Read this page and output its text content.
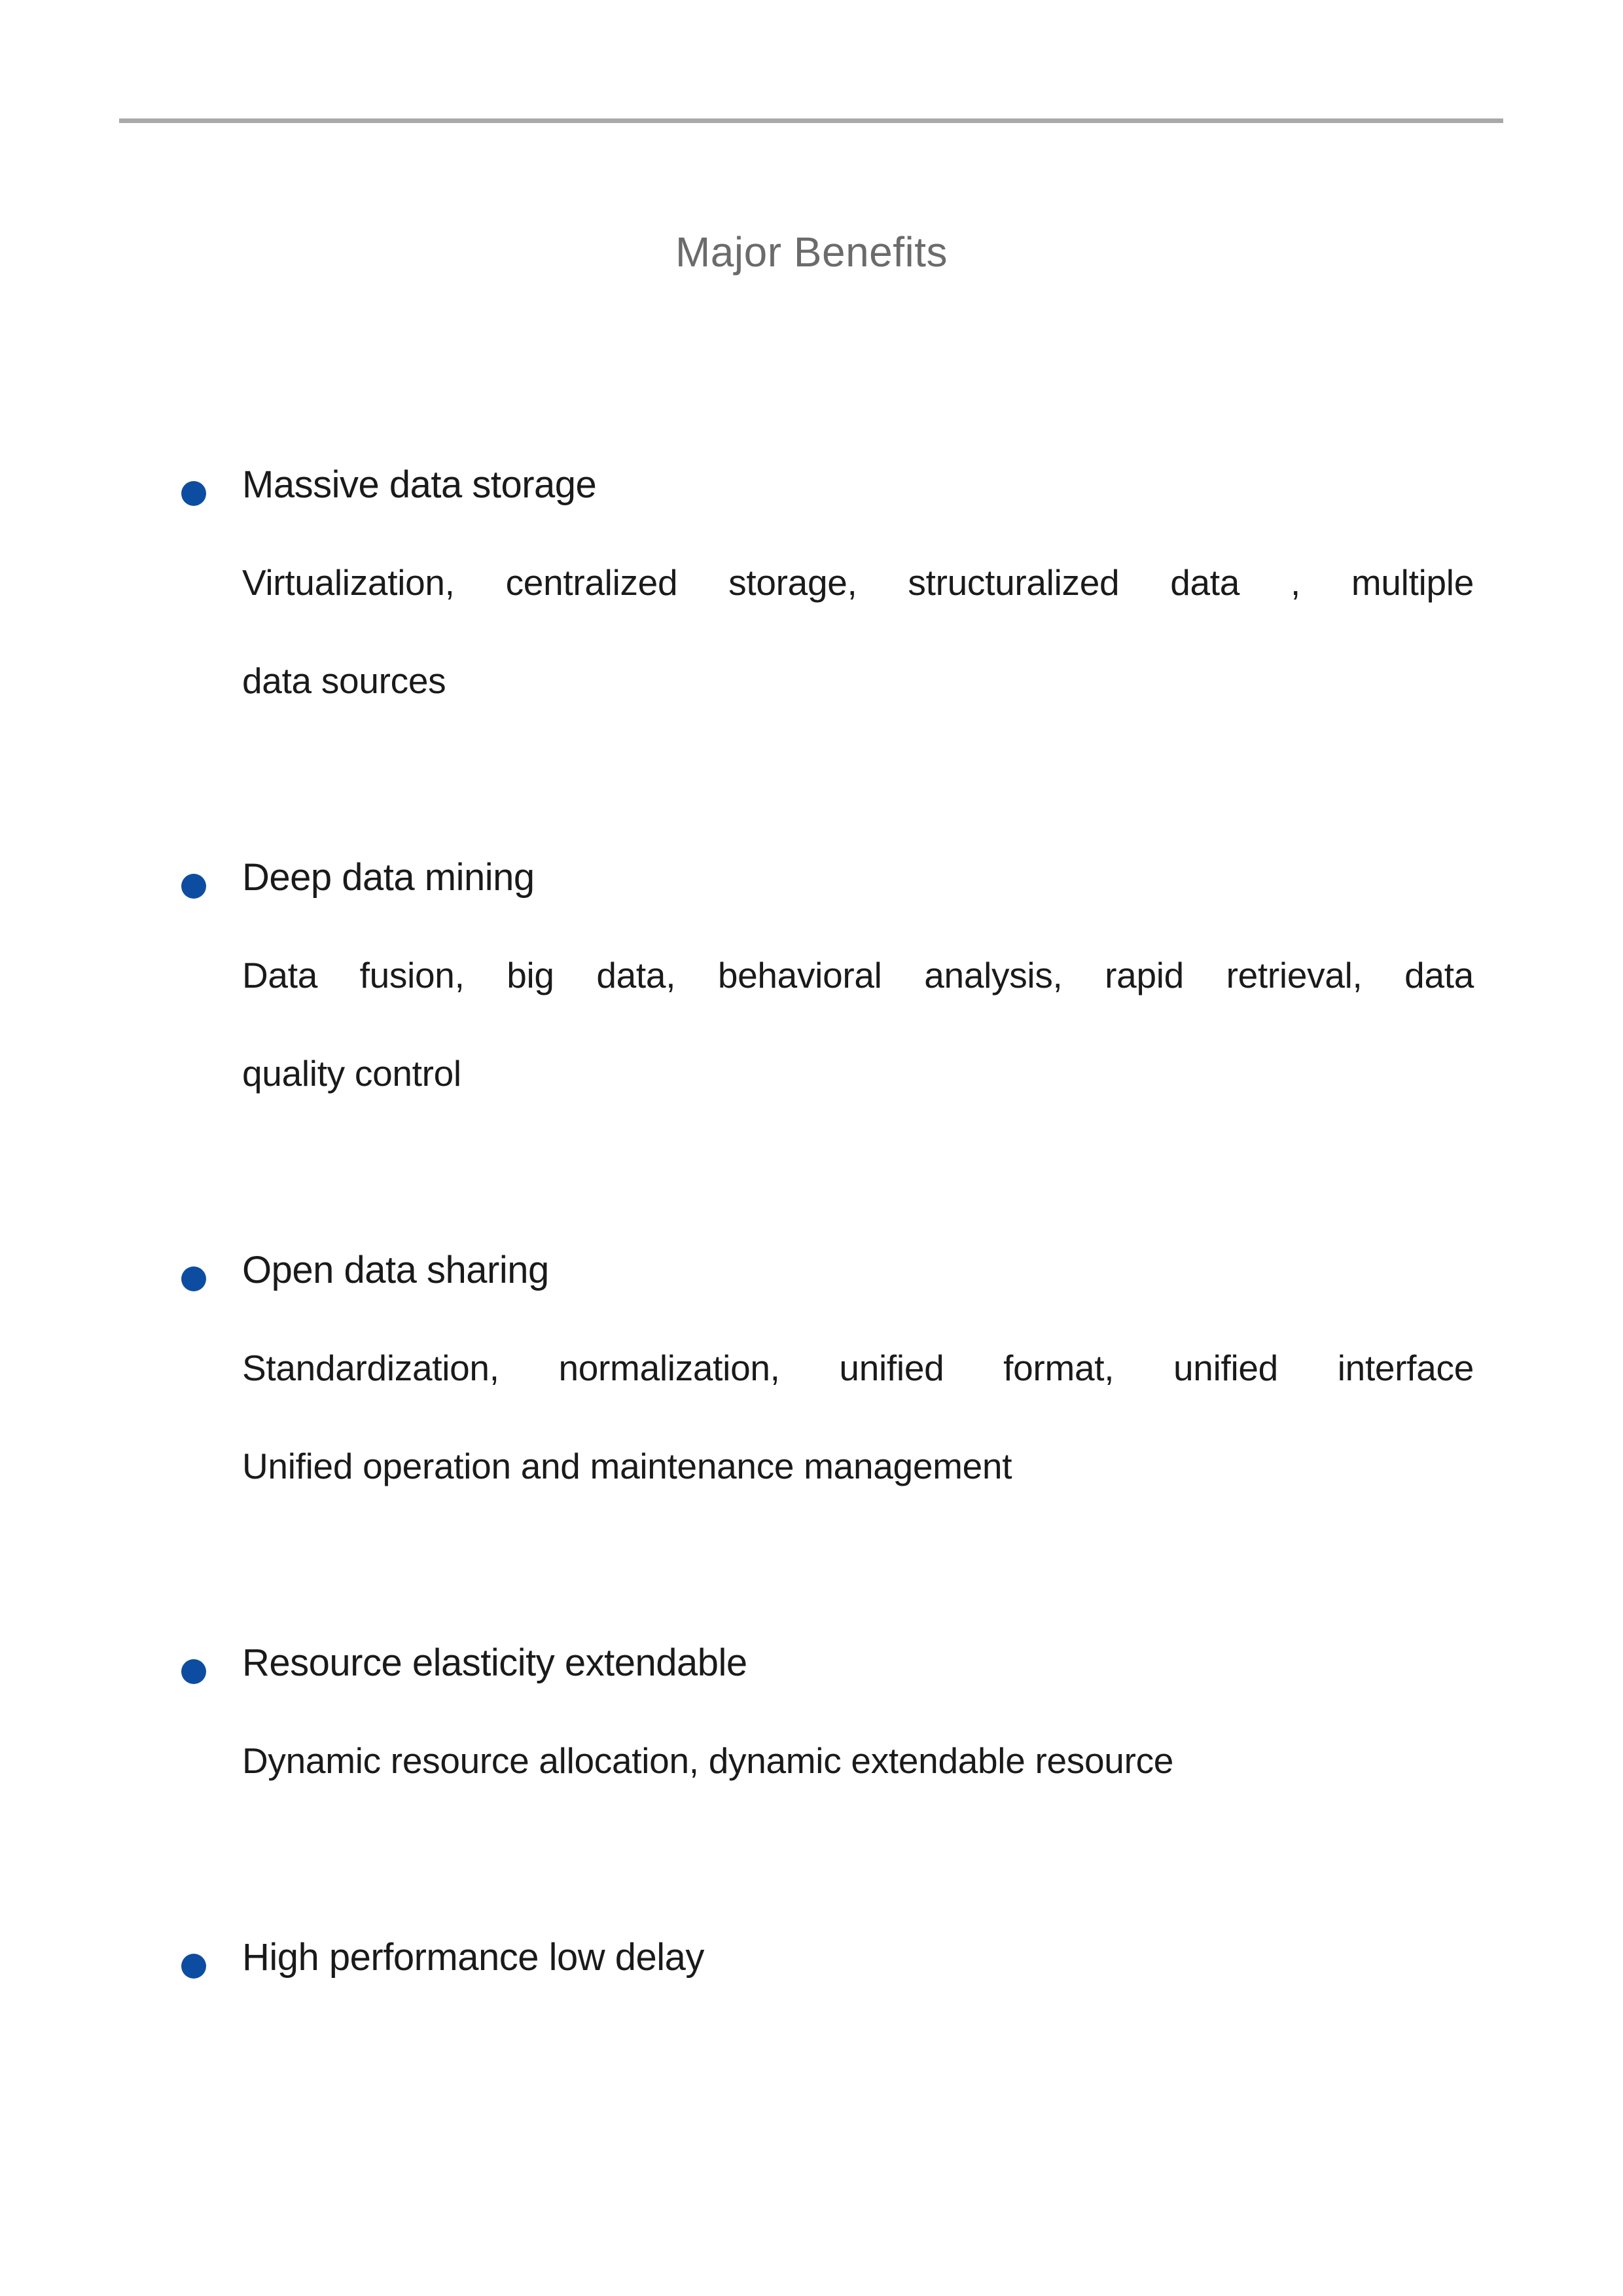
Major Benefits
Massive data storage

Virtualization, centralized storage, structuralized data , multiple

data sources

Deep data mining

Data fusion, big data, behavioral analysis, rapid retrieval, data

quality control

Open data sharing

Standardization, normalization, unified format, unified interface

Unified operation and maintenance management

Resource elasticity extendable

Dynamic resource allocation, dynamic extendable resource

High performance low delay
